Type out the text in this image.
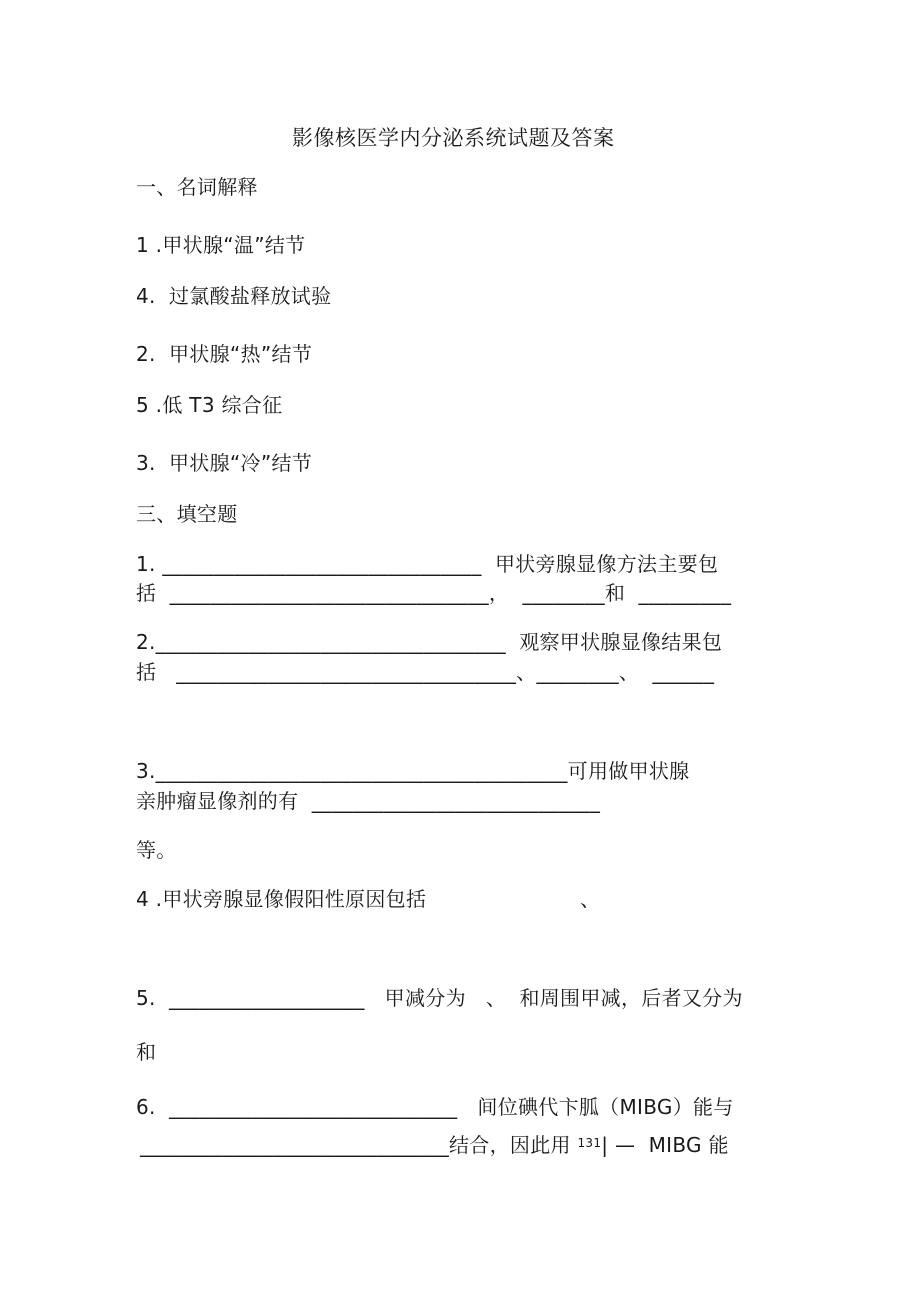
影像核医学内分泌系统试题及答案
一、名词解释
1 .甲状腺“温”结节
4.  过氯酸盐释放试验
2.  甲状腺“热”结节
5 .低 T3 综合征
3.  甲状腺“冷”结节
三、填空题
1. _______________________________  甲状旁腺显像方法主要包
括  _______________________________，  ________和  _________
2.__________________________________  观察甲状腺显像结果包
括   _________________________________、________、  ______
3.________________________________________可用做甲状腺
亲肿瘤显像剂的有  ____________________________
等。
4 .甲状旁腺显像假阳性原因包括	、
5.  ___________________   甲减分为   、  和周围甲减，后者又分为
和
6.  ____________________________   间位碘代卞胍（MIBG）能与
______________________________结合，因此用 $^{131}$| —  MIBG 能
